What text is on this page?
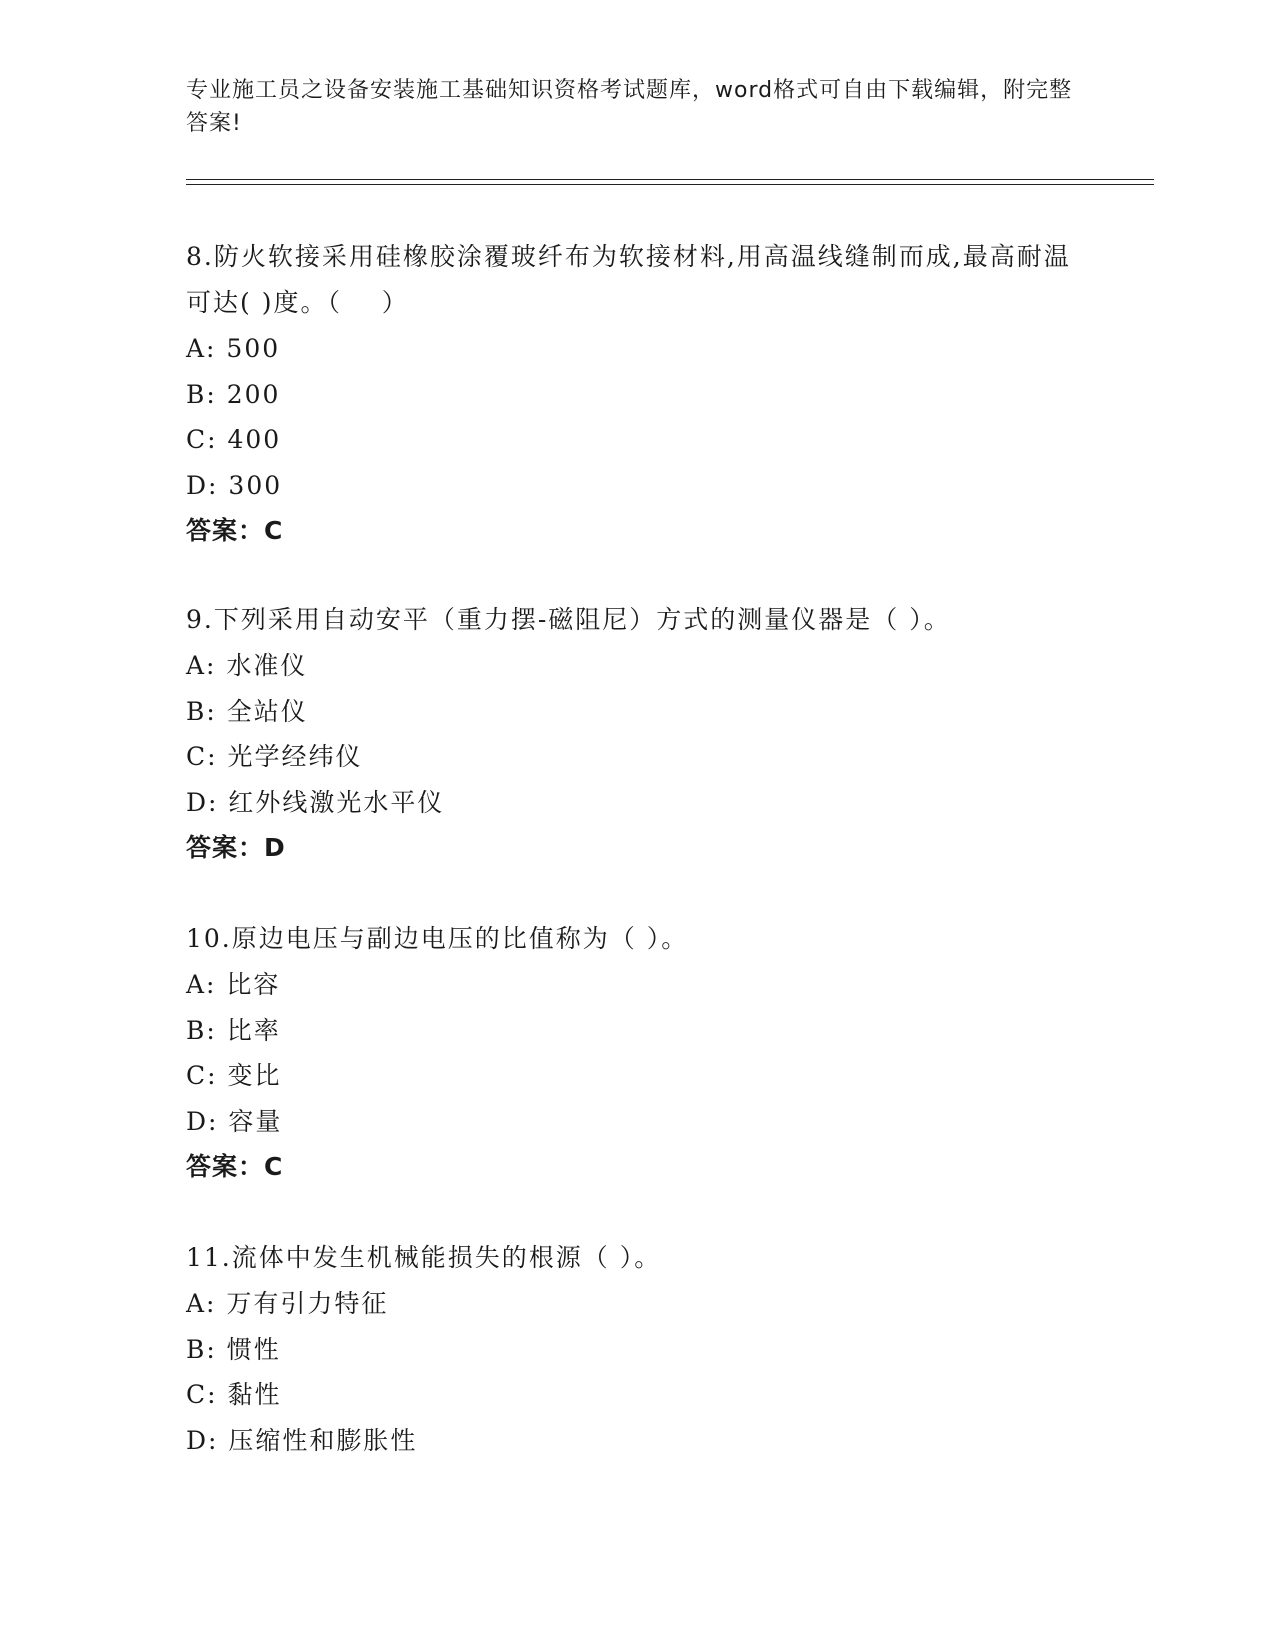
专业施工员之设备安装施工基础知识资格考试题库，word格式可自由下载编辑，附完整答案!

8.防火软接采用硅橡胶涂覆玻纤布为软接材料,用高温线缝制而成,最高耐温可达( )度。（    ）

A: 500

B: 200

C: 400

D: 300

答案：C

9.下列采用自动安平（重力摆-磁阻尼）方式的测量仪器是（ ）。

A: 水准仪

B: 全站仪

C: 光学经纬仪

D: 红外线激光水平仪

答案：D

10.原边电压与副边电压的比值称为（ ）。

A: 比容

B: 比率

C: 变比

D: 容量

答案：C

11.流体中发生机械能损失的根源（ ）。

A: 万有引力特征

B: 惯性

C: 黏性

D: 压缩性和膨胀性
